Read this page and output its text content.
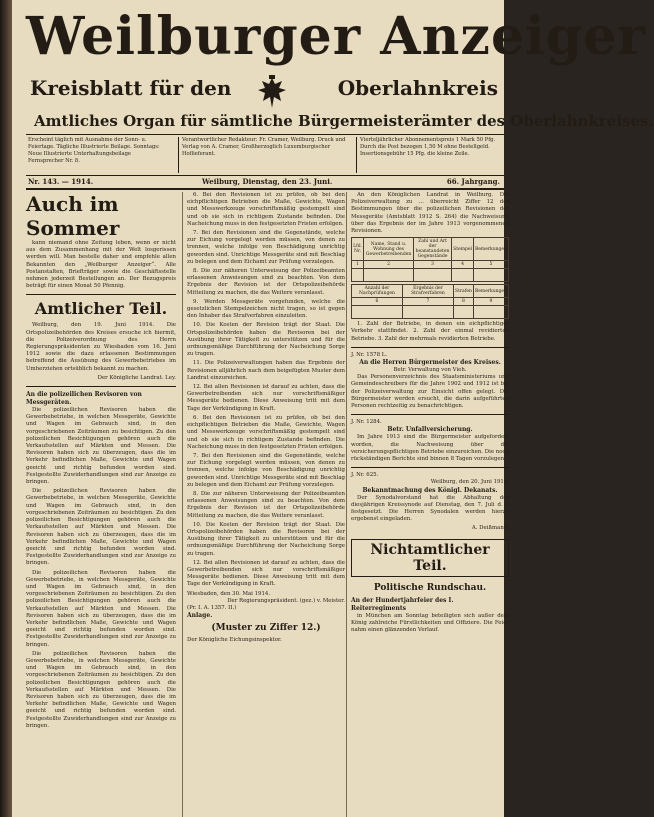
Weilburger Anzeiger
Kreisblatt für den	Oberlahnkreis
Amtliches Organ für sämtliche Bürgermeisterämter des Oberlahnkreises.
Erscheint täglich mit Ausnahme der Sonn- u. Feiertage. Tägliche Illustrierte Beilage. Sonntags: Neue Illustrierte Unterhaltungsbeilage Fernsprecher Nr. 8.
Verantwortlicher Redakteur: Fr. Cramer, Weilburg. Druck und Verlag von A. Cramer, Großherzoglich Luxemburgischer Hoflieferant.
Vierteljährlicher Abonnementspreis 1 Mark 50 Pfg. Durch die Post bezogen 1,50 M ohne Bestellgeld. Insertionsgebühr 15 Pfg. die kleine Zeile.
Nr. 143. — 1914.	Weilburg, Dienstag, den 23. Juni.	66. Jahrgang.
Auch im Sommer

kann niemand ohne Zeitung leben, wenn er nicht aus dem Zusammenhang mit der Welt losgerissen werden will. Man bestelle daher und empfehle allen Bekannten den „Weilburger Anzeiger“. Alle Postanstalten, Briefträger sowie die Geschäftsstelle nehmen jederzeit Bestellungen an. Der Bezugspreis beträgt für einen Monat 50 Pfennig.

Amtlicher Teil.

Weilburg, den 19. Juni 1914. Die Ortspolizeibehörden des Kreises ersuche ich hiermit, die Polizeiverordnung des Herrn Regierungspräsidenten zu Wiesbaden vom 16. Juni 1912 sowie die dazu erlassenen Bestimmungen betreffend die Ausübung des Gewerbebetriebes im Umherziehen ortsüblich bekannt zu machen.

Der Königliche Landrat. Ley.
An die polizeilichen Revisoren von Messgeräten.

Die polizeilichen Revisoren haben die Gewerbebetriebe, in welchen Messgeräte, Gewichte und Wagen im Gebrauch sind, in den vorgeschriebenen Zeiträumen zu besichtigen. Zu den polizeilichen Besichtigungen gehören auch die Verkaufsstellen auf Märkten und Messen. Die Revisoren haben sich zu überzeugen, dass die im Verkehr befindlichen Maße, Gewichte und Wagen geeicht und richtig befunden worden sind. Festgestellte Zuwiderhandlungen sind zur Anzeige zu bringen.

Die polizeilichen Revisoren haben die Gewerbebetriebe, in welchen Messgeräte, Gewichte und Wagen im Gebrauch sind, in den vorgeschriebenen Zeiträumen zu besichtigen. Zu den polizeilichen Besichtigungen gehören auch die Verkaufsstellen auf Märkten und Messen. Die Revisoren haben sich zu überzeugen, dass die im Verkehr befindlichen Maße, Gewichte und Wagen geeicht und richtig befunden worden sind. Festgestellte Zuwiderhandlungen sind zur Anzeige zu bringen.

Die polizeilichen Revisoren haben die Gewerbebetriebe, in welchen Messgeräte, Gewichte und Wagen im Gebrauch sind, in den vorgeschriebenen Zeiträumen zu besichtigen. Zu den polizeilichen Besichtigungen gehören auch die Verkaufsstellen auf Märkten und Messen. Die Revisoren haben sich zu überzeugen, dass die im Verkehr befindlichen Maße, Gewichte und Wagen geeicht und richtig befunden worden sind. Festgestellte Zuwiderhandlungen sind zur Anzeige zu bringen.

Die polizeilichen Revisoren haben die Gewerbebetriebe, in welchen Messgeräte, Gewichte und Wagen im Gebrauch sind, in den vorgeschriebenen Zeiträumen zu besichtigen. Zu den polizeilichen Besichtigungen gehören auch die Verkaufsstellen auf Märkten und Messen. Die Revisoren haben sich zu überzeugen, dass die im Verkehr befindlichen Maße, Gewichte und Wagen geeicht und richtig befunden worden sind. Festgestellte Zuwiderhandlungen sind zur Anzeige zu bringen.

6. Bei den Revisionen ist zu prüfen, ob bei den eichpflichtigen Betrieben die Maße, Gewichte, Wagen und Messwerkzeuge vorschriftsmäßig gestempelt sind und ob sie sich in richtigem Zustande befinden. Die Nacheichung muss in den festgesetzten Fristen erfolgen.

7. Bei den Revisionen sind die Gegenstände, welche zur Eichung vorgelegt werden müssen, von denen zu trennen, welche infolge von Beschädigung unrichtig geworden sind. Unrichtige Messgeräte sind mit Beschlag zu belegen und dem Eichamt zur Prüfung vorzulegen.

8. Die zur näheren Unterweisung der Polizeibeamten erlassenen Anweisungen sind zu beachten. Von dem Ergebnis der Revision ist der Ortspolizeibehörde Mitteilung zu machen, die das Weitere veranlasst.

9. Werden Messgeräte vorgefunden, welche die gesetzlichen Stempelzeichen nicht tragen, so ist gegen den Inhaber das Strafverfahren einzuleiten.

10. Die Kosten der Revision trägt der Staat. Die Ortspolizeibehörden haben die Revisoren bei der Ausübung ihrer Tätigkeit zu unterstützen und für die ordnungsmäßige Durchführung der Nacheichung Sorge zu tragen.

11. Die Polizeiverwaltungen haben das Ergebnis der Revisionen alljährlich nach dem beigefügten Muster dem Landrat einzureichen.

12. Bei allen Revisionen ist darauf zu achten, dass die Gewerbetreibenden sich nur vorschriftsmäßiger Messgeräte bedienen. Diese Anweisung tritt mit dem Tage der Verkündigung in Kraft.

6. Bei den Revisionen ist zu prüfen, ob bei den eichpflichtigen Betrieben die Maße, Gewichte, Wagen und Messwerkzeuge vorschriftsmäßig gestempelt sind und ob sie sich in richtigem Zustande befinden. Die Nacheichung muss in den festgesetzten Fristen erfolgen.

7. Bei den Revisionen sind die Gegenstände, welche zur Eichung vorgelegt werden müssen, von denen zu trennen, welche infolge von Beschädigung unrichtig geworden sind. Unrichtige Messgeräte sind mit Beschlag zu belegen und dem Eichamt zur Prüfung vorzulegen.

8. Die zur näheren Unterweisung der Polizeibeamten erlassenen Anweisungen sind zu beachten. Von dem Ergebnis der Revision ist der Ortspolizeibehörde Mitteilung zu machen, die das Weitere veranlasst.

10. Die Kosten der Revision trägt der Staat. Die Ortspolizeibehörden haben die Revisoren bei der Ausübung ihrer Tätigkeit zu unterstützen und für die ordnungsmäßige Durchführung der Nacheichung Sorge zu tragen.

12. Bei allen Revisionen ist darauf zu achten, dass die Gewerbetreibenden sich nur vorschriftsmäßiger Messgeräte bedienen. Diese Anweisung tritt mit dem Tage der Verkündigung in Kraft.

Wiesbaden, den 30. Mai 1914.
Der Regierungspräsident. (gez.) v. Meister.
(Pr. I. A. 1357. II.)
Anlage.
(Muster zu Ziffer 12.)
Der Königliche Eichungsinspektor.

An den Königlichen Landrat in Weilburg. Die Polizeiverwaltung zu ... überreicht Ziffer 12 der Bestimmungen über die polizeilichen Revisionen der Messgeräte (Amtsblatt 1912 S. 264) die Nachweisung über das Ergebnis der im Jahre 1913 vorgenommenen Revisionen.

Lfd. Nr.	Name, Stand u. Wohnung des Gewerbetreibenden	Zahl und Art der beanstandeten Gegenstände	Stempel	Bemerkungen
1	2	3	4	5

Anzahl der Nachprüfungen	Ergebnis der Strafverfahren	Strafen	Bemerkungen
6	7	8	9

1. Zahl der Betriebe, in denen ein eichpflichtiger Verkehr stattfindet. 2. Zahl der einmal revidierten Betriebe. 3. Zahl der mehrmals revidierten Betriebe.

J. Nr. 1578 L.
An die Herren Bürgermeister des Kreises.
Betr. Verwaltung von Vieh.

Das Personenverzeichnis des Staatsministeriums und Gemeindeschreibers für die Jahre 1902 und 1912 ist bei der Polizeiverwaltung zur Einsicht offen gelegt. Die Bürgermeister werden ersucht, die darin aufgeführten Personen rechtzeitig zu benachrichtigen.

J. Nr. 1284.
Betr. Unfallversicherung.

Im Jahre 1913 sind die Bürgermeister aufgefordert worden, die Nachweisung über die versicherungspflichtigen Betriebe einzureichen. Die noch rückständigen Berichte sind binnen 8 Tagen vorzulegen.

J. Nr. 625.
Weilburg, den 20. Juni 1914.
Bekanntmachung des Königl. Dekanats.

Der Synodalvorstand hat die Abhaltung der diesjährigen Kreissynode auf Dienstag, den 7. Juli d. J. festgesetzt. Die Herren Synodalen werden hierzu ergebenst eingeladen.

A. Deißmann.
Nichtamtlicher Teil.
Politische Rundschau.
An der Hundertjahrfeier des I. Reiterregiments

in München am Sonntag beteiligten sich außer dem König zahlreiche Fürstlichkeiten und Offiziere. Die Feier nahm einen glänzenden Verlauf.
